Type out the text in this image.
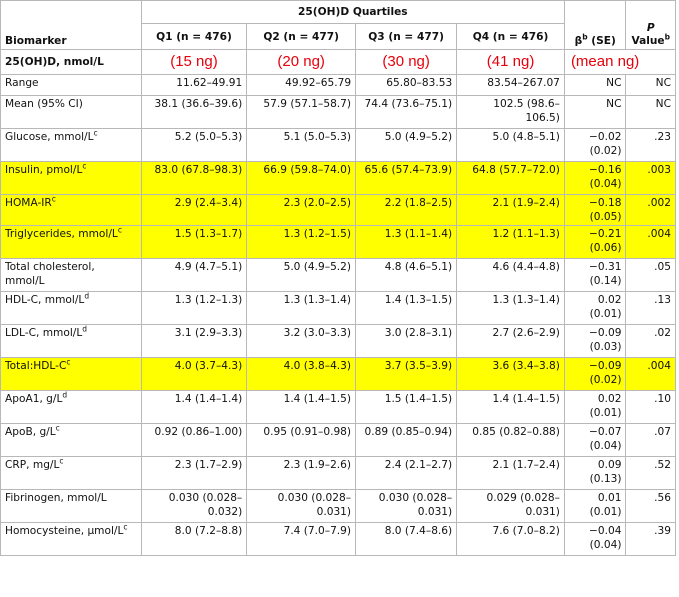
Biomarker	25(OH)D Quartiles				$\beta^b$ (SE)	P
Value$^b$
	Q1 (n = 476)	Q2 (n = 477)	Q3 (n = 477)	Q4 (n = 476)		
25(OH)D, nmol/L	(15 ng)	(20 ng)	(30 ng)	(41 ng)	(mean ng)	
Range	11.62–49.91	49.92–65.79	65.80–83.53	83.54–267.07	NC	NC
Mean (95% CI)	38.1 (36.6–39.6)	57.9 (57.1–58.7)	74.4 (73.6–75.1)	102.5 (98.6–106.5)	NC	NC
Glucose, mmol/$L^c$	5.2 (5.0–5.3)	5.1 (5.0–5.3)	5.0 (4.9–5.2)	5.0 (4.8–5.1)	−0.02 (0.02)	.23
Insulin, pmol/$L^c$	83.0 (67.8–98.3)	66.9 (59.8–74.0)	65.6 (57.4–73.9)	64.8 (57.7–72.0)	−0.16 (0.04)	.003
HOMA-$IR^c$	2.9 (2.4–3.4)	2.3 (2.0–2.5)	2.2 (1.8–2.5)	2.1 (1.9–2.4)	−0.18 (0.05)	.002
Triglycerides, mmol/$L^c$	1.5 (1.3–1.7)	1.3 (1.2–1.5)	1.3 (1.1–1.4)	1.2 (1.1–1.3)	−0.21 (0.06)	.004
Total cholesterol, mmol/L	4.9 (4.7–5.1)	5.0 (4.9–5.2)	4.8 (4.6–5.1)	4.6 (4.4–4.8)	−0.31 (0.14)	.05
HDL-C, mmol/$L^d$	1.3 (1.2–1.3)	1.3 (1.3–1.4)	1.4 (1.3–1.5)	1.3 (1.3–1.4)	0.02 (0.01)	.13
LDL-C, mmol/$L^d$	3.1 (2.9–3.3)	3.2 (3.0–3.3)	3.0 (2.8–3.1)	2.7 (2.6–2.9)	−0.09 (0.03)	.02
$Total:HDL-C^c$	4.0 (3.7–4.3)	4.0 (3.8–4.3)	3.7 (3.5–3.9)	3.6 (3.4–3.8)	−0.09 (0.02)	.004
ApoA1, $g/L^d$	1.4 (1.4–1.4)	1.4 (1.4–1.5)	1.5 (1.4–1.5)	1.4 (1.4–1.5)	0.02 (0.01)	.10
ApoB, $g/L^c$	0.92 (0.86–1.00)	0.95 (0.91–0.98)	0.89 (0.85–0.94)	0.85 (0.82–0.88)	−0.07 (0.04)	.07
CRP, $mg/L^c$	2.3 (1.7–2.9)	2.3 (1.9–2.6)	2.4 (2.1–2.7)	2.1 (1.7–2.4)	0.09 (0.13)	.52
Fibrinogen, mmol/L	0.030 (0.028–0.032)	0.030 (0.028–0.031)	0.030 (0.028–0.031)	0.029 (0.028–0.031)	0.01 (0.01)	.56
Homocysteine, µmol/$L^c$	8.0 (7.2–8.8)	7.4 (7.0–7.9)	8.0 (7.4–8.6)	7.6 (7.0–8.2)	−0.04 (0.04)	.39
